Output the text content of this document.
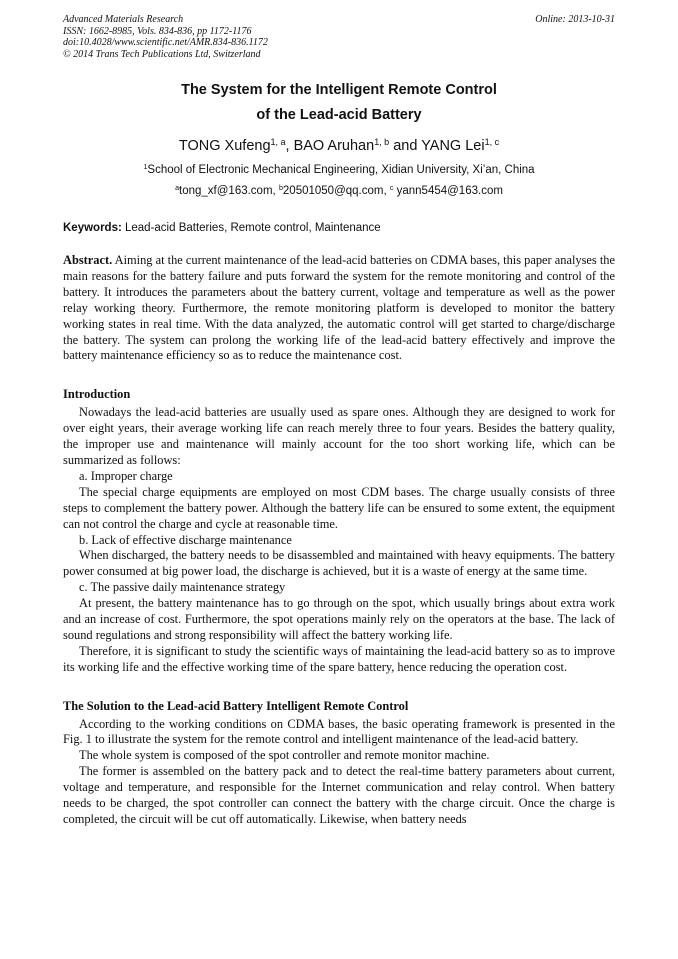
Advanced Materials Research
ISSN: 1662-8985, Vols. 834-836, pp 1172-1176
doi:10.4028/www.scientific.net/AMR.834-836.1172
© 2014 Trans Tech Publications Ltd, Switzerland
Online: 2013-10-31
The System for the Intelligent Remote Control
of the Lead-acid Battery
TONG Xufeng$^{1, a}$, BAO Aruhan$^{1, b}$ and YANG Lei$^{1, c}$
$^1$School of Electronic Mechanical Engineering, Xidian University, Xi’an, China
$^a$tong_xf@163.com, $^b$20501050@qq.com, $^c$ yann5454@163.com
Keywords: Lead-acid Batteries, Remote control, Maintenance

Abstract. Aiming at the current maintenance of the lead-acid batteries on CDMA bases, this paper analyses the main reasons for the battery failure and puts forward the system for the remote monitoring and control of the battery. It introduces the parameters about the battery current, voltage and temperature as well as the power relay working theory. Furthermore, the remote monitoring platform is developed to monitor the battery working states in real time. With the data analyzed, the automatic control will get started to charge/discharge the battery. The system can prolong the working life of the lead-acid battery effectively and improve the battery maintenance efficiency so as to reduce the maintenance cost.

Introduction

Nowadays the lead-acid batteries are usually used as spare ones. Although they are designed to work for over eight years, their average working life can reach merely three to four years. Besides the battery quality, the improper use and maintenance will mainly account for the too short working life, which can be summarized as follows:

a. Improper charge

The special charge equipments are employed on most CDM bases. The charge usually consists of three steps to complement the battery power. Although the battery life can be ensured to some extent, the equipment can not control the charge and cycle at reasonable time.

b. Lack of effective discharge maintenance

When discharged, the battery needs to be disassembled and maintained with heavy equipments. The battery power consumed at big power load, the discharge is achieved, but it is a waste of energy at the same time.

c. The passive daily maintenance strategy

At present, the battery maintenance has to go through on the spot, which usually brings about extra work and an increase of cost. Furthermore, the spot operations mainly rely on the operators at the base. The lack of sound regulations and strong responsibility will affect the battery working life.

Therefore, it is significant to study the scientific ways of maintaining the lead-acid battery so as to improve its working life and the effective working time of the spare battery, hence reducing the operation cost.

The Solution to the Lead-acid Battery Intelligent Remote Control

According to the working conditions on CDMA bases, the basic operating framework is presented in the Fig. 1 to illustrate the system for the remote control and intelligent maintenance of the lead-acid battery.

The whole system is composed of the spot controller and remote monitor machine.

The former is assembled on the battery pack and to detect the real-time battery parameters about current, voltage and temperature, and responsible for the Internet communication and relay control. When battery needs to be charged, the spot controller can connect the battery with the charge circuit. Once the charge is completed, the circuit will be cut off automatically. Likewise, when battery needs
